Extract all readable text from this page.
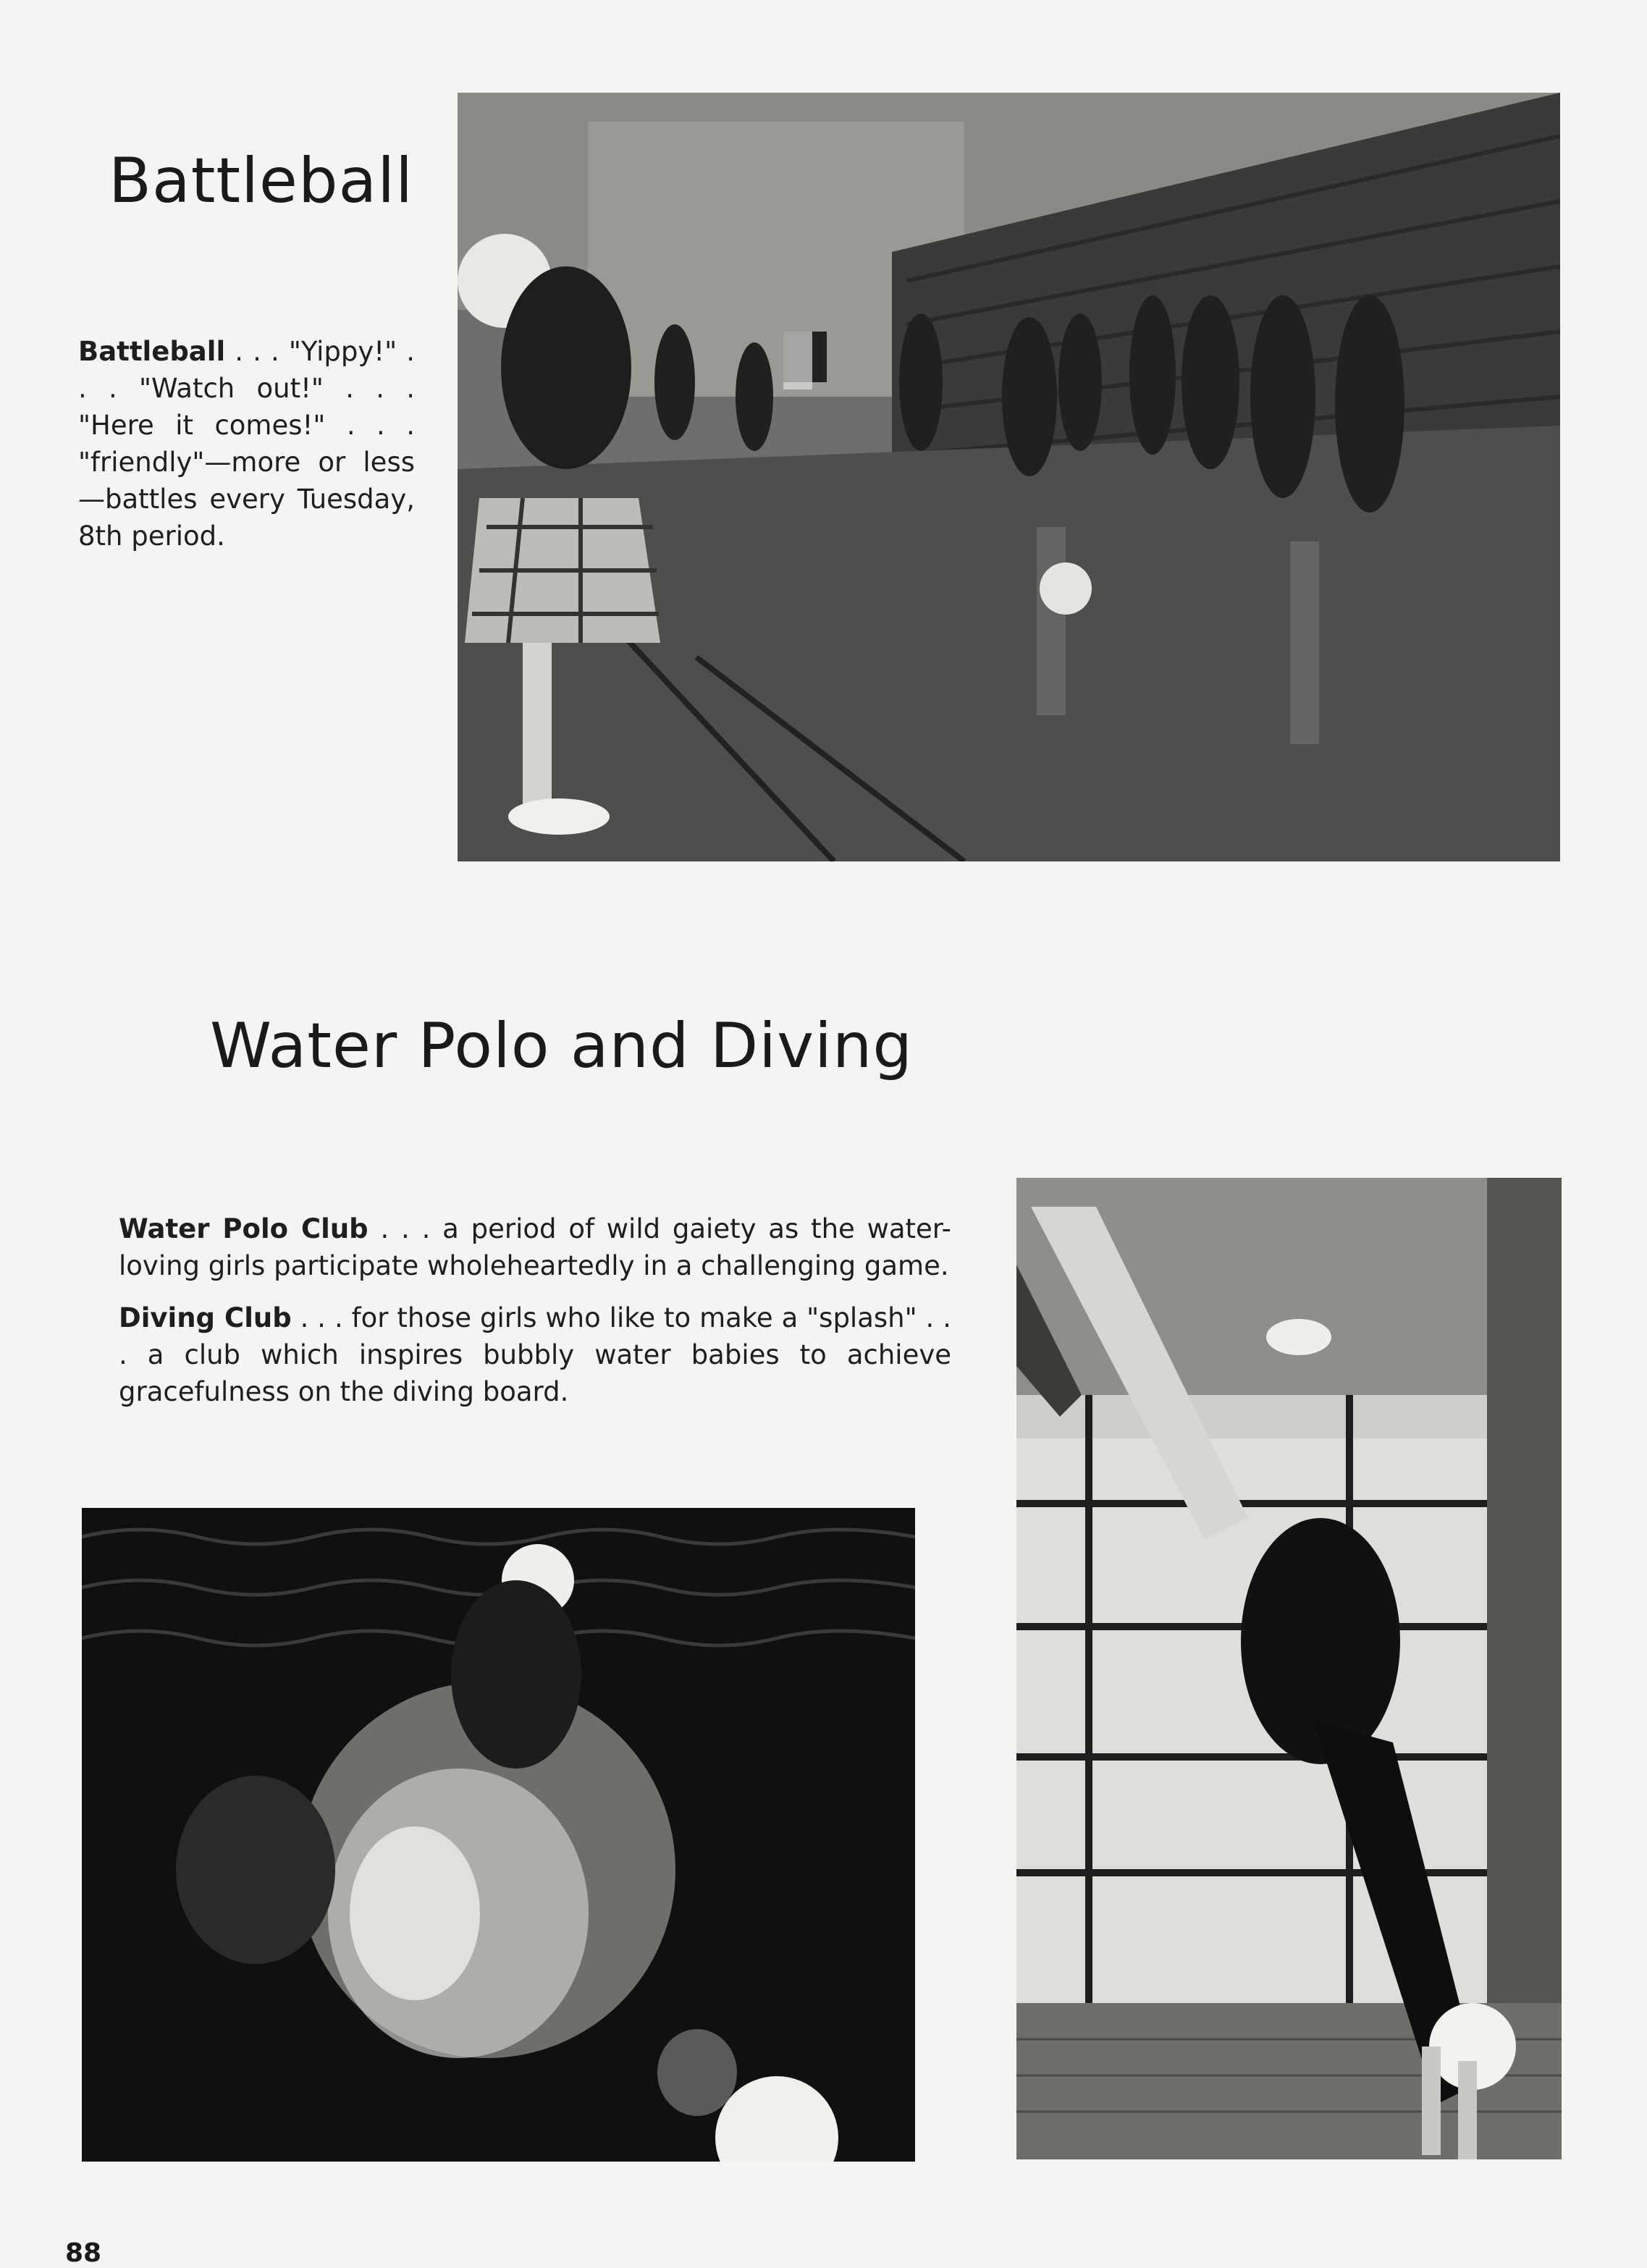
Battleball
Battleball . . . "Yippy!" . . . "Watch out!" . . . "Here it comes!" . . . "friendly"—more or less —battles every Tuesday, 8th period.
Water Polo and Diving
Water Polo Club . . . a period of wild gaiety as the water-loving girls participate wholeheartedly in a challenging game.
Diving Club . . . for those girls who like to make a "splash" . . . a club which inspires bubbly water babies to achieve gracefulness on the diving board.
88
